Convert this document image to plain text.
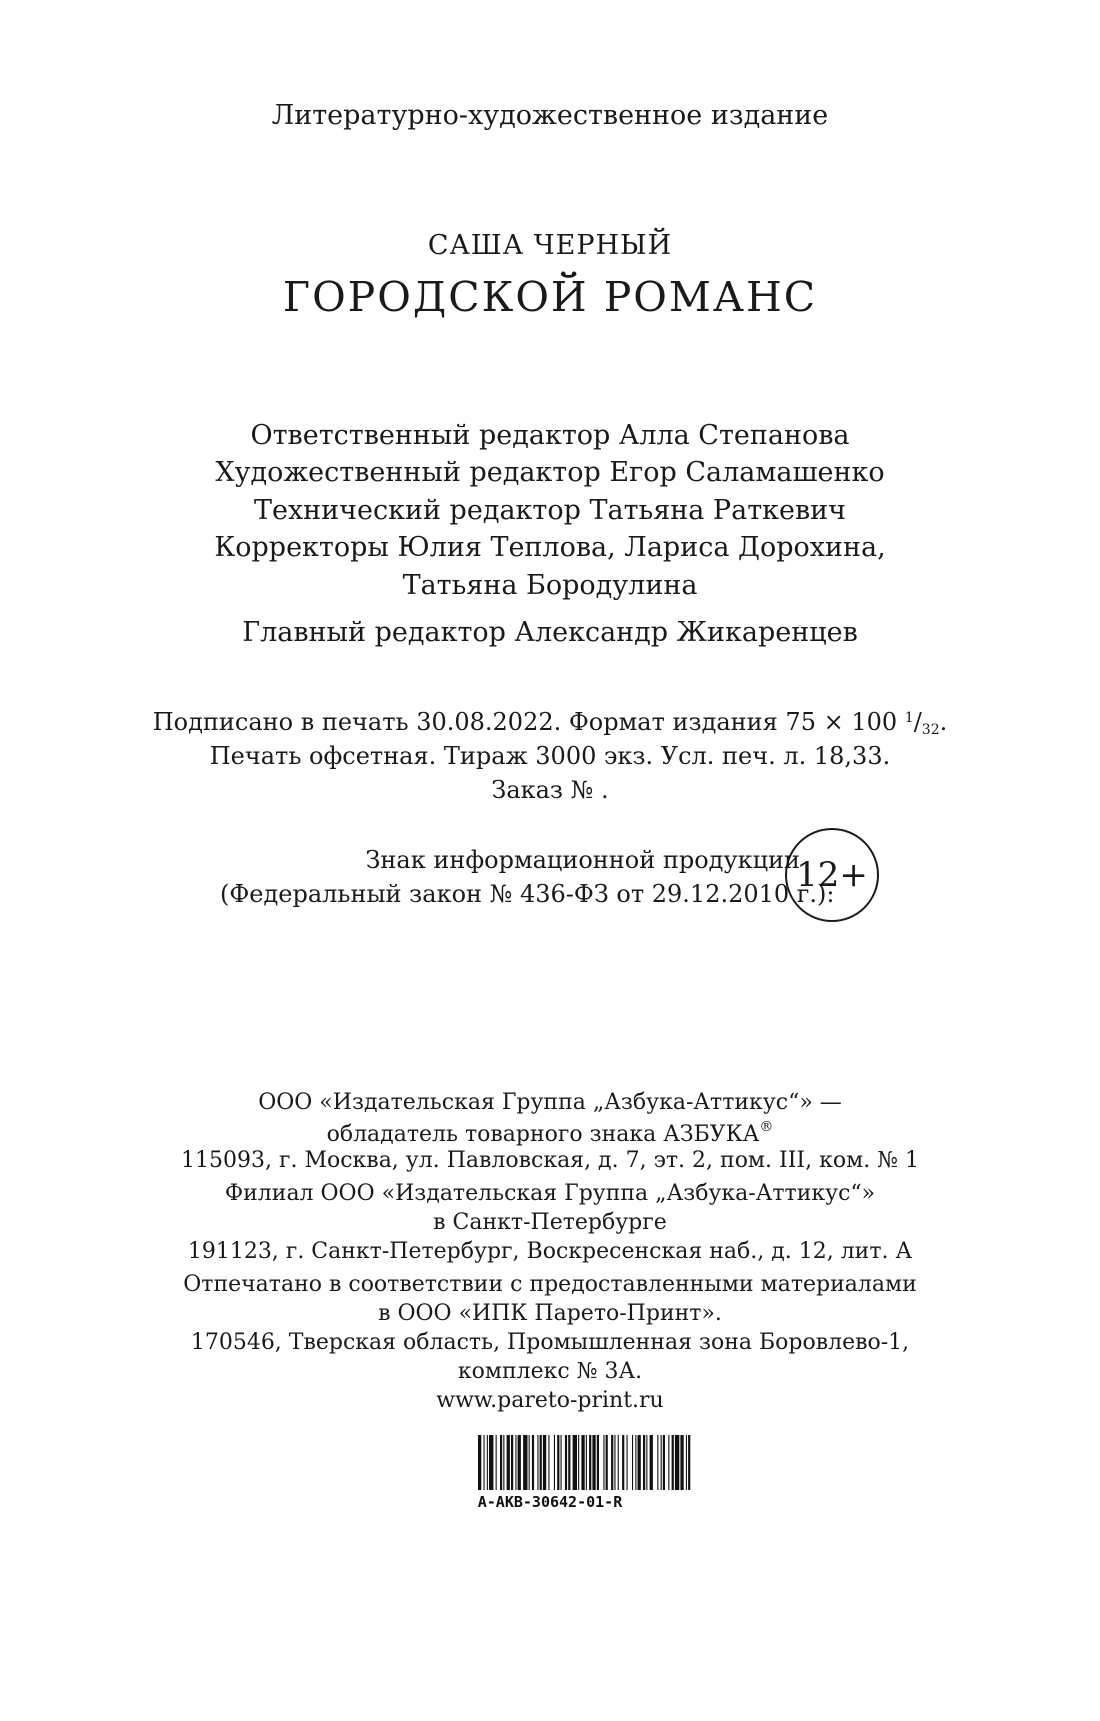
Литературно-художественное издание
САША ЧЕРНЫЙ
ГОРОДСКОЙ РОМАНС
Ответственный редактор Алла Степанова
Художественный редактор Егор Саламашенко
Технический редактор Татьяна Раткевич
Корректоры Юлия Теплова, Лариса Дорохина,
Татьяна Бородулина
Главный редактор Александр Жикаренцев
Подписано в печать 30.08.2022. Формат издания 75 × 100 $^1/_{32}$.
Печать офсетная. Тираж 3000 экз. Усл. печ. л. 18,33.
Заказ № .
Знак информационной продукции
(Федеральный закон № 436-ФЗ от 29.12.2010 г.):
12+
ООО «Издательская Группа „Азбука-Аттикус“» —
обладатель товарного знака АЗБУКА®
115093, г. Москва, ул. Павловская, д. 7, эт. 2, пом. III, ком. № 1
Филиал ООО «Издательская Группа „Азбука-Аттикус“»
в Санкт-Петербурге
191123, г. Санкт-Петербург, Воскресенская наб., д. 12, лит. А
Отпечатано в соответствии с предоставленными материалами
в ООО «ИПК Парето-Принт».
170546, Тверская область, Промышленная зона Боровлево-1,
комплекс № 3А.
www.pareto-print.ru
A-AKB-30642-01-R
